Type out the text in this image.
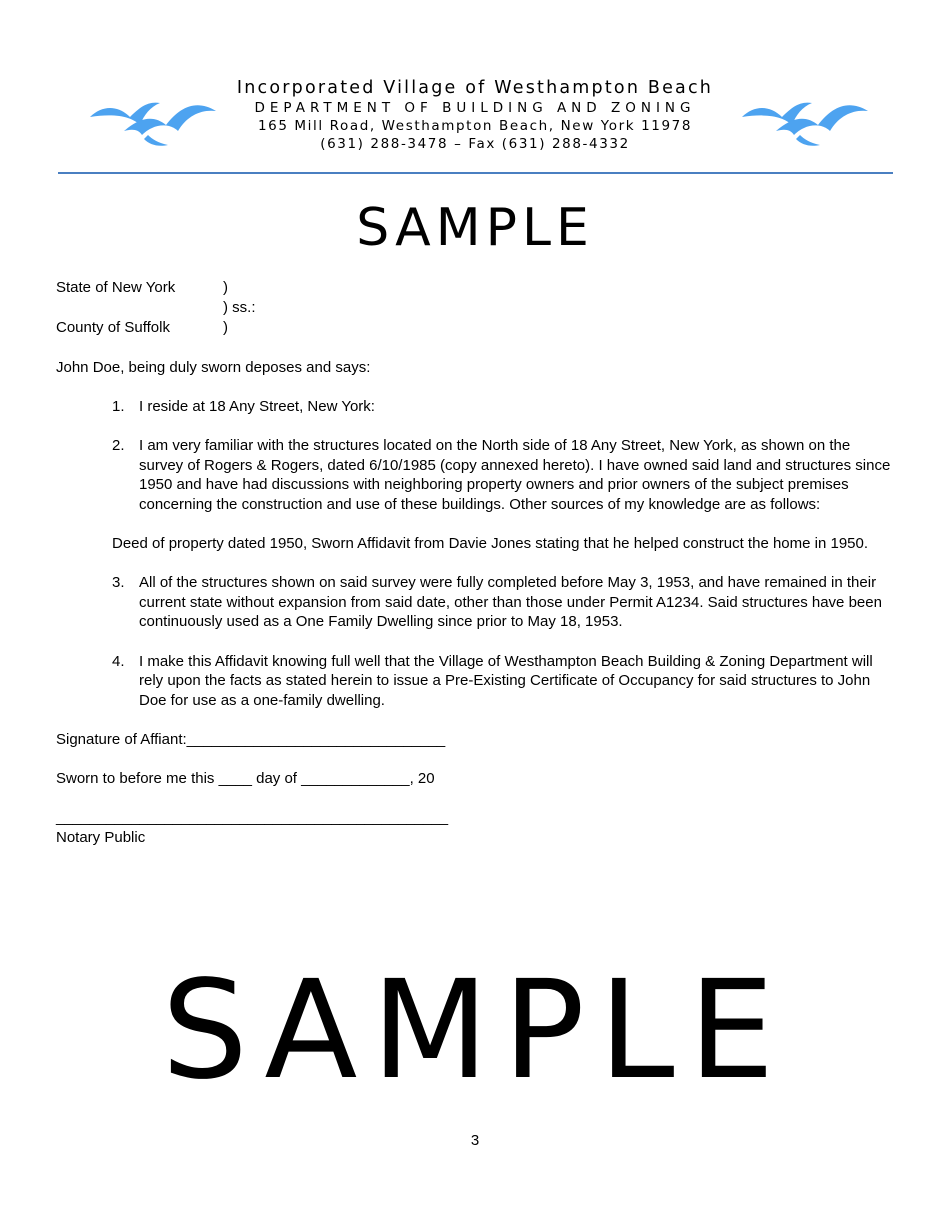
Incorporated Village of Westhampton Beach
DEPARTMENT OF BUILDING AND ZONING
165 Mill Road, Westhampton Beach, New York 11978
(631) 288-3478 – Fax (631) 288-4332
SAMPLE
State of New York	)
) ss.:
County of Suffolk	)

John Doe, being duly sworn deposes and says:

1. I reside at 18 Any Street, New York:
2. I am very familiar with the structures located on the North side of 18 Any Street, New York, as shown on the survey of Rogers & Rogers, dated 6/10/1985 (copy annexed hereto). I have owned said land and structures since 1950 and have had discussions with neighboring property owners and prior owners of the subject premises concerning the construction and use of these buildings. Other sources of my knowledge are as follows:

Deed of property dated 1950, Sworn Affidavit from Davie Jones stating that he helped construct the home in 1950.

3. All of the structures shown on said survey were fully completed before May 3, 1953, and have remained in their current state without expansion from said date, other than those under Permit A1234. Said structures have been continuously used as a One Family Dwelling since prior to May 18, 1953.
4. I make this Affidavit knowing full well that the Village of Westhampton Beach Building & Zoning Department will rely upon the facts as stated herein to issue a Pre-Existing Certificate of Occupancy for said structures to John Doe for use as a one-family dwelling.

Signature of Affiant:_______________________________

Sworn to before me this ____ day of _____________, 20

_______________________________________________

Notary Public

SAMPLE
3
